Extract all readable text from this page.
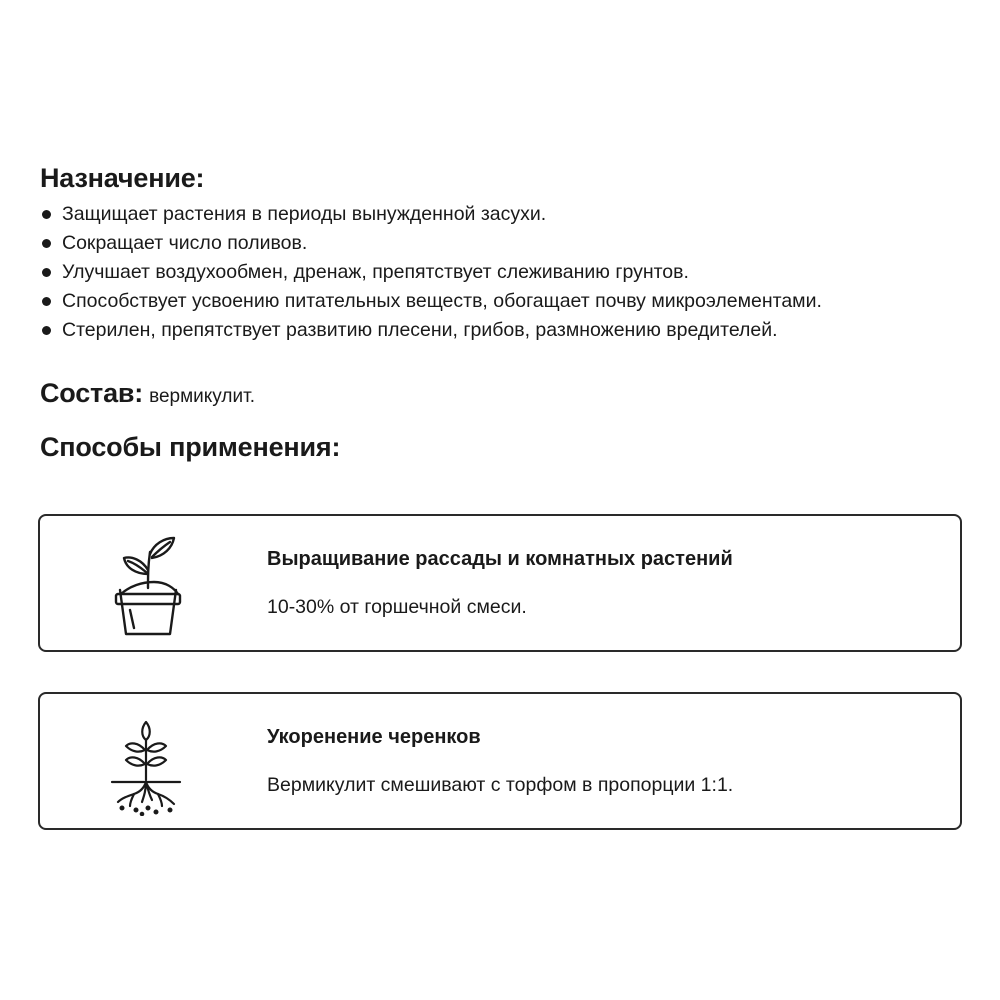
Назначение:
Защищает растения в периоды вынужденной засухи.
Сокращает число поливов.
Улучшает воздухообмен, дренаж, препятствует слеживанию грунтов.
Способствует усвоению питательных веществ, обогащает почву микроэлементами.
Стерилен, препятствует развитию плесени, грибов, размножению вредителей.

Состав: вермикулит.

Способы применения:
Выращивание рассады и комнатных растений
10-30% от горшечной смеси.
Укоренение черенков
Вермикулит смешивают с торфом в пропорции 1:1.
